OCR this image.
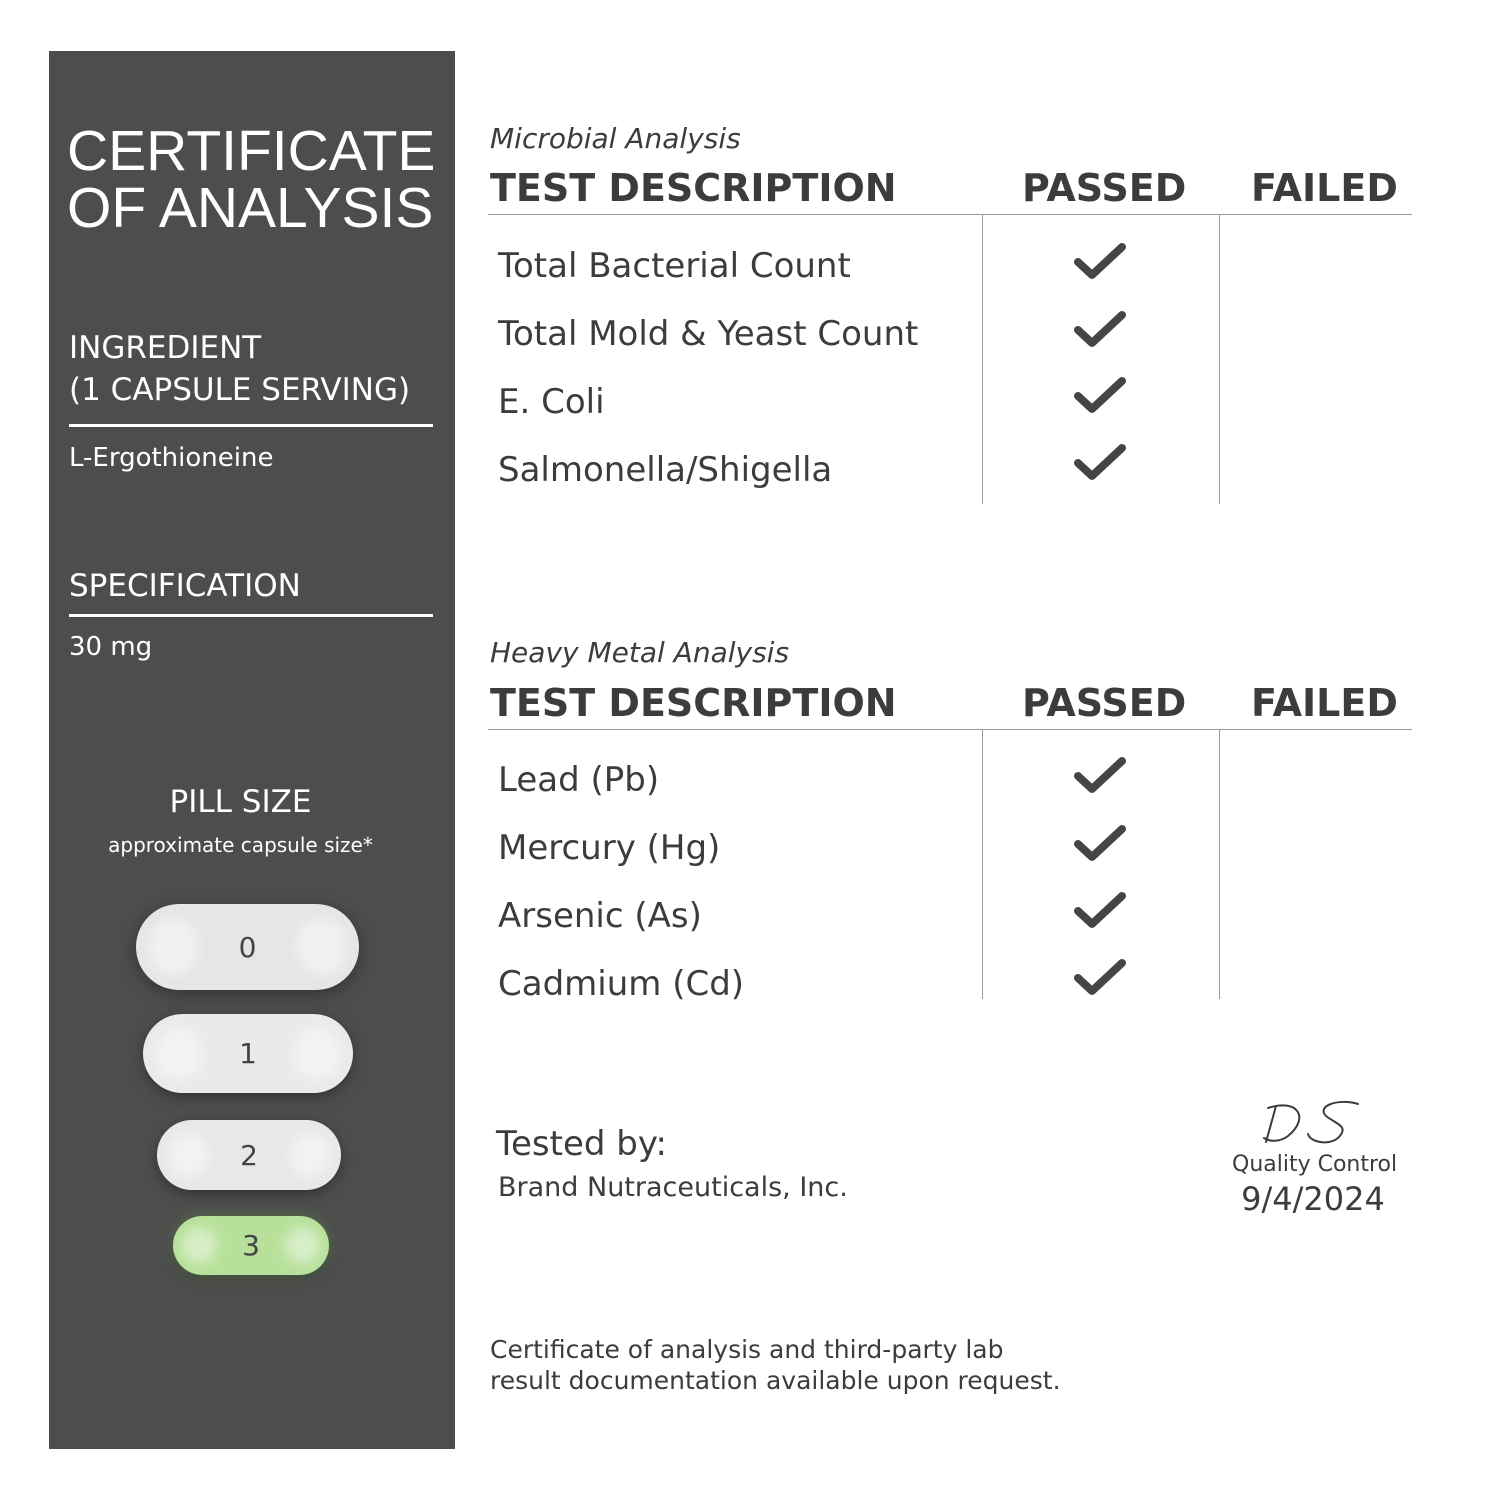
CERTIFICATE
OF ANALYSIS
INGREDIENT
(1 CAPSULE SERVING)
L-Ergothioneine
SPECIFICATION
30 mg
PILL SIZE
approximate capsule size*
0
1
2
3
Microbial Analysis
TEST DESCRIPTION	PASSED FAILED
Total Bacterial Count
Total Mold & Yeast Count
E. Coli
Salmonella/Shigella
Heavy Metal Analysis
TEST DESCRIPTION	PASSED FAILED
Lead (Pb)
Mercury (Hg)
Arsenic (As)
Cadmium (Cd)
Tested by:
Brand Nutraceuticals, Inc.
Quality Control
9/4/2024
Certificate of analysis and third-party lab
result documentation available upon request.
